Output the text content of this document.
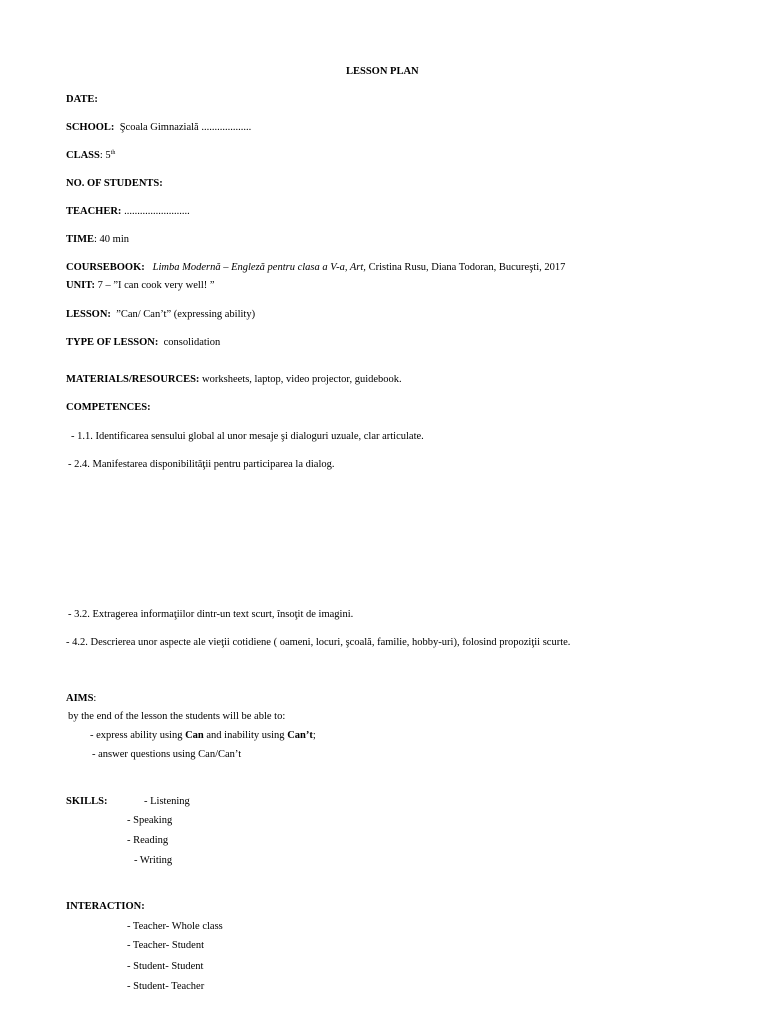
LESSON PLAN
DATE:
SCHOOL: Şcoala Gimnazială ...................
CLASS: 5th
NO. OF STUDENTS:
TEACHER: .........................
TIME: 40 min
COURSEBOOK: Limba Modernă – Engleză pentru clasa a V-a, Art, Cristina Rusu, Diana Todoran, Bucureşti, 2017
UNIT: 7 – ”I can cook very well! ”
LESSON:  ”Can/ Can’t” (expressing ability)
TYPE OF LESSON:  consolidation
MATERIALS/RESOURCES: worksheets, laptop, video projector, guidebook.
COMPETENCES:
- 1.1. Identificarea sensului global al unor mesaje şi dialoguri uzuale, clar articulate.
- 2.4. Manifestarea disponibilităţii pentru participarea la dialog.
- 3.2. Extragerea informaţiilor dintr-un text scurt, însoţit de imagini.
- 4.2. Descrierea unor aspecte ale vieţii cotidiene ( oameni, locuri, şcoală, familie, hobby-uri), folosind propoziţii scurte.
AIMS:
by the end of the lesson the students will be able to:
- express ability using Can and inability using Can’t;
- answer questions using Can/Can’t
SKILLS:	- Listening
- Speaking
- Reading
- Writing
INTERACTION:
- Teacher- Whole class
- Teacher- Student
- Student- Student
- Student- Teacher
